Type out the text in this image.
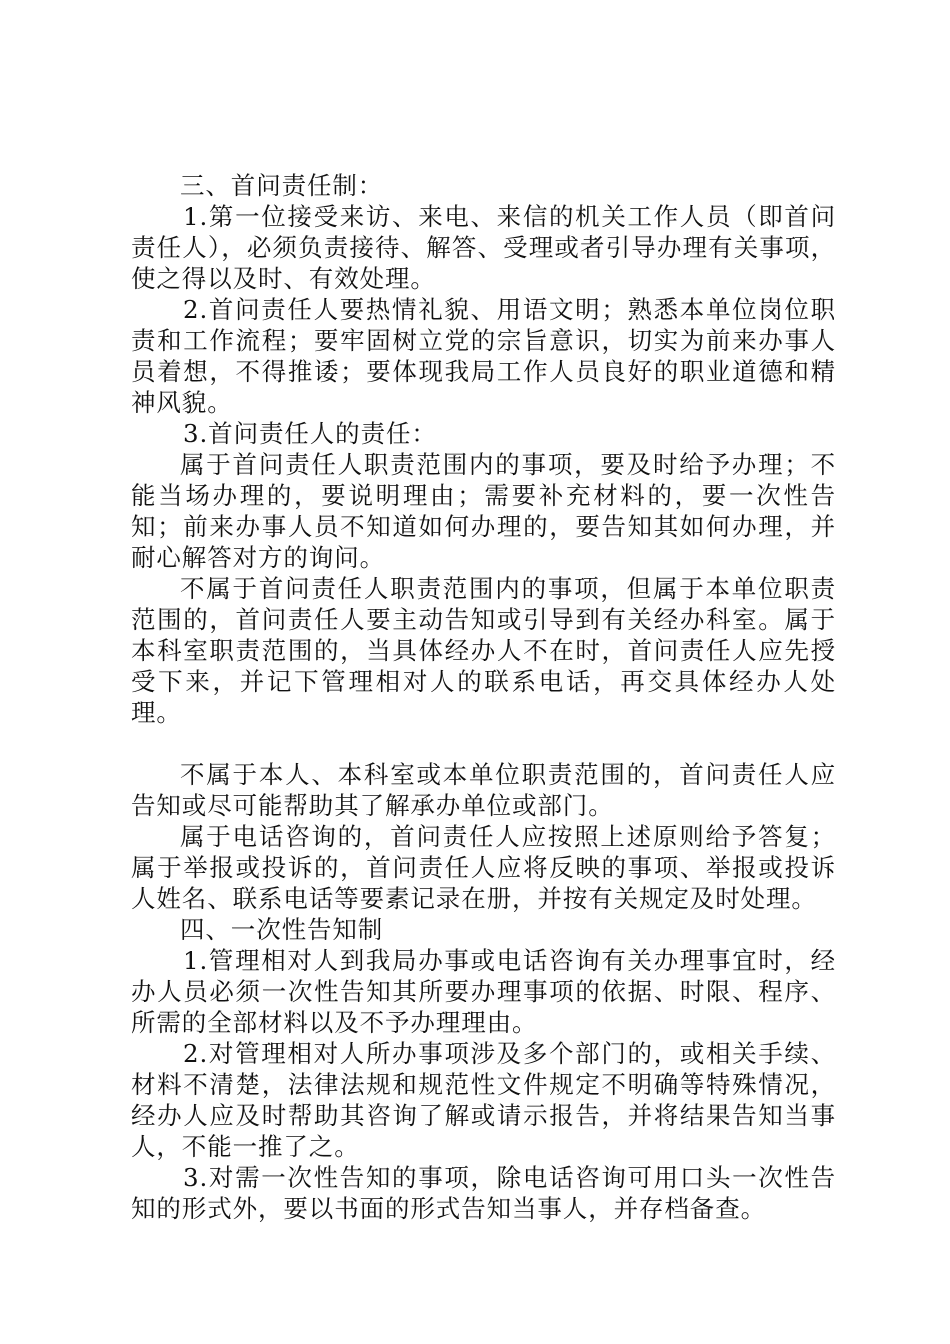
三、首问责任制：

1.第一位接受来访、来电、来信的机关工作人员（即首问责任人），必须负责接待、解答、受理或者引导办理有关事项，使之得以及时、有效处理。

2.首问责任人要热情礼貌、用语文明；熟悉本单位岗位职责和工作流程；要牢固树立党的宗旨意识，切实为前来办事人员着想，不得推诿；要体现我局工作人员良好的职业道德和精神风貌。

3.首问责任人的责任：

属于首问责任人职责范围内的事项，要及时给予办理；不能当场办理的，要说明理由；需要补充材料的，要一次性告知；前来办事人员不知道如何办理的，要告知其如何办理，并耐心解答对方的询问。

不属于首问责任人职责范围内的事项，但属于本单位职责范围的，首问责任人要主动告知或引导到有关经办科室。属于本科室职责范围的，当具体经办人不在时，首问责任人应先授受下来，并记下管理相对人的联系电话，再交具体经办人处理。

不属于本人、本科室或本单位职责范围的，首问责任人应告知或尽可能帮助其了解承办单位或部门。

属于电话咨询的，首问责任人应按照上述原则给予答复；属于举报或投诉的，首问责任人应将反映的事项、举报或投诉人姓名、联系电话等要素记录在册，并按有关规定及时处理。

四、一次性告知制

1.管理相对人到我局办事或电话咨询有关办理事宜时，经办人员必须一次性告知其所要办理事项的依据、时限、程序、所需的全部材料以及不予办理理由。

2.对管理相对人所办事项涉及多个部门的，或相关手续、材料不清楚，法律法规和规范性文件规定不明确等特殊情况，经办人应及时帮助其咨询了解或请示报告，并将结果告知当事人，不能一推了之。

3.对需一次性告知的事项，除电话咨询可用口头一次性告知的形式外，要以书面的形式告知当事人，并存档备查。
